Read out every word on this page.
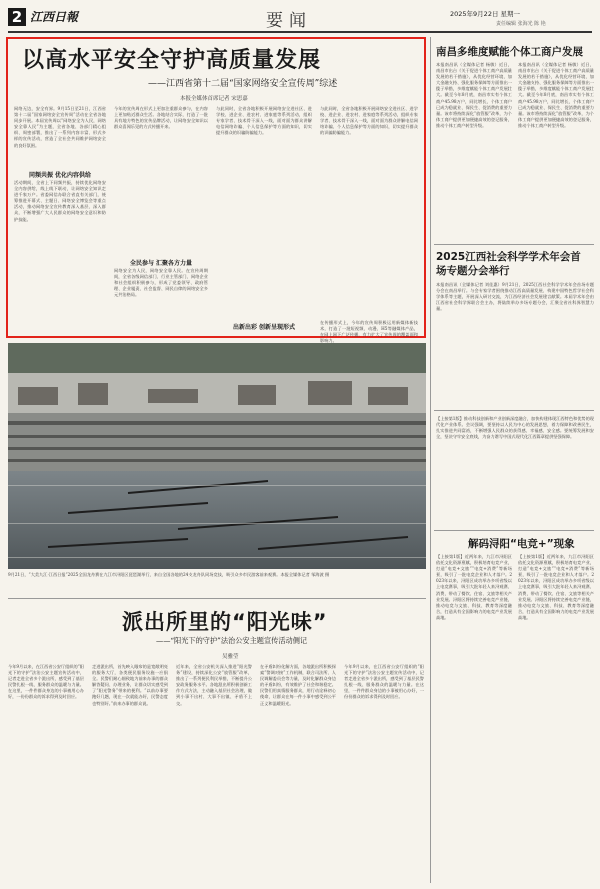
2 江西日報	要闻	2025年9月22日 星期一
责任编辑 张海光 陈 艳
以高水平安全守护高质量发展
——江西省第十二届“国家网络安全宣传周”综述
本报全媒体首席记者 宋思嘉
网络无边，安全有界。9月15日至21日，江西省第十二届“国家网络安全宣传周”活动在全省各地同步开展。本届宣传周以“网络安全为人民，网络安全靠人民”为主题，全省各地、各部门精心组织、周密部署，推出了一系列内容丰富、形式多样的宣传活动，营造了全社会共同维护网络安全的良好氛围。
同频共振 优化内容供给
活动期间，全省上下同频共振，持续优化网络安全内容供给，线上线下联动，让网络安全知识走进千家万户。省委网信办联合省直有关部门，统筹推进开幕式、主题日、网络安全博览会等重点活动，推动网络安全宣传教育深入基层、深入群众，不断增强广大人民群众的网络安全意识和防护技能。
今年的宣传周在形式上更加注重群众参与，在内容上更加贴近群众生活。各地结合实际，打造了一批具有地方特色的宣传品牌活动，让网络安全知识以群众喜闻乐见的方式传播开来。
全民参与 汇聚各方力量
网络安全为人民，网络安全靠人民。在宣传周期间，全省各级网信部门、行业主管部门、网络企业和社会组织积极参与，形成了党委领导、政府管理、企业履责、社会监督、网民自律的网络安全多元共治格局。
与此同时，全省各地积极开展网络安全进社区、进学校、进企业、进农村、进家庭等系列活动，组织专家学者、技术骨干深入一线，面对面为群众讲解电信网络诈骗、个人信息保护等方面的知识，切实提升群众的识骗防骗能力。
与此同时，全省各地积极开展网络安全进社区、进学校、进企业、进农村、进家庭等系列活动，组织专家学者、技术骨干深入一线，面对面为群众讲解电信网络诈骗、个人信息保护等方面的知识，切实提升群众的识骗防骗能力。
出新出彩 创新呈现形式
在传播形式上，今年的宣传周积极运用新媒体新技术，打造了一批短视频、动漫、H5等融媒体产品，在网上网下广泛传播，有力扩大了宣传周的覆盖面和影响力。
南昌多维度赋能个体工商户发展
本报南昌讯（全媒体记者 杨敏）近日，南昌市出台《关于促进个体工商户高质量发展的若干措施》，从优化经营环境、加大金融支持、强化服务保障等方面推出一揽子举措，多维度赋能个体工商户发展壮大。截至今年8月底，南昌市实有个体工商户45.98万户，同比增长，个体工商户已成为稳就业、保民生、促消费的重要力量。该市将持续深化“放管服”改革，为个体工商户提供更加便捷高效的登记服务，推动个体工商户转型升级。
本报南昌讯（全媒体记者 杨敏）近日，南昌市出台《关于促进个体工商户高质量发展的若干措施》，从优化经营环境、加大金融支持、强化服务保障等方面推出一揽子举措，多维度赋能个体工商户发展壮大。截至今年8月底，南昌市实有个体工商户45.98万户，同比增长，个体工商户已成为稳就业、保民生、促消费的重要力量。该市将持续深化“放管服”改革，为个体工商户提供更加便捷高效的登记服务，推动个体工商户转型升级。
2025江西社会科学学术年会首场专题分会举行
本报南昌讯（全媒体记者 刘佳惠）9月21日，2025江西社会科学学术年会首场专题分会在南昌举行。与会专家学者围绕推动江西高质量发展、构建中国特色哲学社会科学体系等主题，开展深入研讨交流，为江西经济社会发展建言献策。本届学术年会由江西省社会科学界联合会主办，将陆续举办多场专题分会，汇聚全省社科界智慧力量。
【上接第1版】推动科技创新和产业创新深度融合，加快构建体现江西特色和优势的现代化产业体系。会议强调，要坚持以人民为中心的发展思想，着力保障和改善民生，扎实推进共同富裕，不断增强人民群众的获得感、幸福感、安全感。要统筹发展和安全，坚决守牢安全底线，为奋力谱写中国式现代化江西篇章提供坚强保障。
解码浔阳“电竞+”现象
【上接第1版】近两年来，九江市浔阳区依托文化资源禀赋，积极培育电竞产业，打造“电竞+文旅”“电竞+消费”等新场景，吸引了一批电竞企业和人才落户。2023年以来，浔阳区成功举办多项省级以上电竞赛事，吸引大批年轻人来浔观赛、消费，带动了餐饮、住宿、文旅等相关产业发展。浔阳区将持续完善电竞产业链，推动电竞与文旅、科技、教育等深度融合，打造具有全国影响力的电竞产业发展高地。
【上接第1版】近两年来，九江市浔阳区依托文化资源禀赋，积极培育电竞产业，打造“电竞+文旅”“电竞+消费”等新场景，吸引了一批电竞企业和人才落户。2023年以来，浔阳区成功举办多项省级以上电竞赛事，吸引大批年轻人来浔观赛、消费，带动了餐饮、住宿、文旅等相关产业发展。浔阳区将持续完善电竞产业链，推动电竞与文旅、科技、教育等深度融合，打造具有全国影响力的电竞产业发展高地。
9月21日，“大美九江·江西日报”2025全国龙舟赛在九江市浔阳区琵琶湖举行，来自全国各地的24支龙舟队同场竞技，吸引众多市民游客前来观赛。本报全媒体记者 邹海波 摄
派出所里的“阳光味”
——“阳光下的守护”法治公安主题宣传活动侧记
吴雅莹
今年9月以来，在江西省公安厅组织的“阳光下的守护”法治公安主题宣传活动中，记者走进全省多个派出所，感受到了基层民警扎根一线、服务群众的温暖与力量。在这里，一件件群众身边的小事被用心办好，一份份群众的诉求得到及时回应。
走进派出所，首先映入眼帘的是宽敞明亮的服务大厅，各类便民服务设施一应俱全。民警们耐心细致地为前来办事的群众解答疑问、办理业务，让群众切实感受到了“阳光警务”带来的便利。“以前办事要跑好几趟，现在一次就能办好，民警态度也特别好。”前来办事的群众说。
近年来，全省公安机关深入推进“阳光警务”建设，持续深化公安“放管服”改革，推出了一系列便民利民举措，不断提升公安政务服务水平。各地派出所积极创新工作方式方法，主动融入基层社会治理，做到小事不出村、大事不出镇、矛盾不上交。
在矛盾纠纷化解方面，各地派出所积极探索“警调对接”工作机制，联合司法所、人民调解委员会等力量，及时化解群众身边的矛盾纠纷，有效维护了社会和谐稳定。民警们用真情服务群众，用行动诠释初心使命，让群众在每一件小事中感受到公平正义和温暖阳光。
今年9月以来，在江西省公安厅组织的“阳光下的守护”法治公安主题宣传活动中，记者走进全省多个派出所，感受到了基层民警扎根一线、服务群众的温暖与力量。在这里，一件件群众身边的小事被用心办好，一份份群众的诉求得到及时回应。
